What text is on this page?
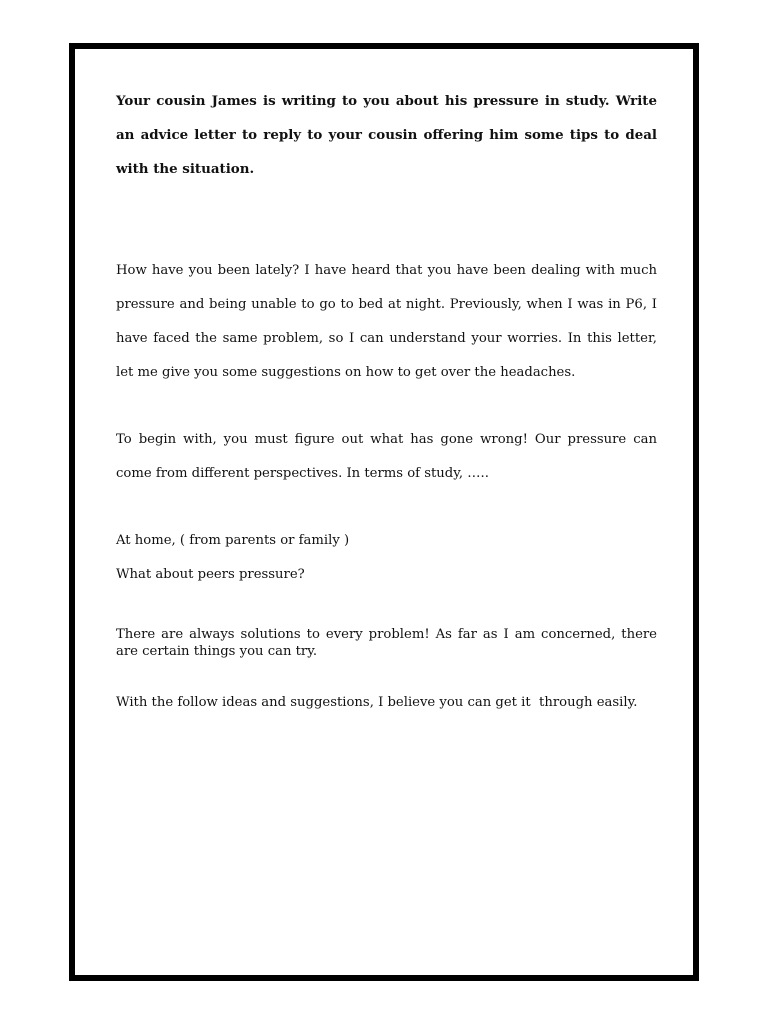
Your cousin James is writing to you about his pressure in study. Write an advice letter to reply to your cousin offering him some tips to deal with the situation.

How have you been lately? I have heard that you have been dealing with much pressure and being unable to go to bed at night. Previously, when I was in P6, I have faced the same problem, so I can understand your worries. In this letter, let me give you some suggestions on how to get over the headaches.

To begin with, you must figure out what has gone wrong! Our pressure can come from different perspectives. In terms of study, …..

At home, ( from parents or family )

What about peers pressure?

There are always solutions to every problem! As far as I am concerned, there are certain things you can try.

With the follow ideas and suggestions, I believe you can get it  through easily.
